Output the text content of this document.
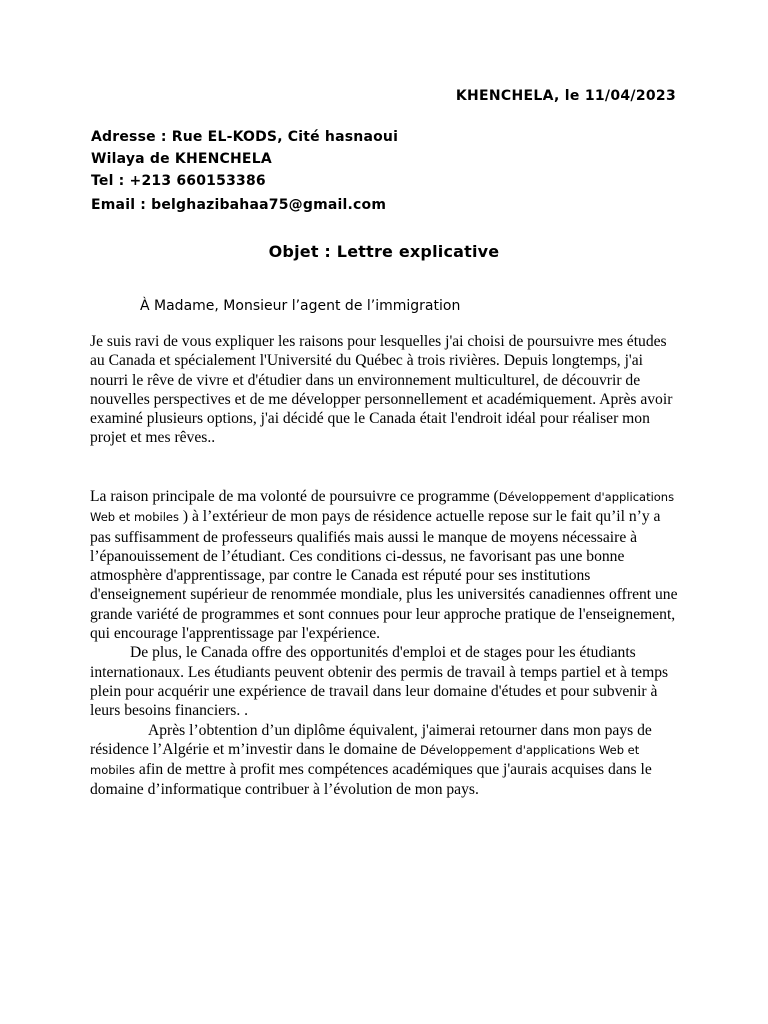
KHENCHELA, le 11/04/2023
Adresse : Rue EL-KODS, Cité hasnaoui
Wilaya de KHENCHELA
Tel : +213 660153386
Email : belghazibahaa75@gmail.com
Objet : Lettre explicative
À Madame, Monsieur l’agent de l’immigration

Je suis ravi de vous expliquer les raisons pour lesquelles j'ai choisi de poursuivre mes études au Canada et spécialement l'Université du Québec à trois rivières. Depuis longtemps, j'ai nourri le rêve de vivre et d'étudier dans un environnement multiculturel, de découvrir de nouvelles perspectives et de me développer personnellement et académiquement. Après avoir examiné plusieurs options, j'ai décidé que le Canada était l'endroit idéal pour réaliser mon projet et mes rêves..

La raison principale de ma volonté de poursuivre ce programme (Développement d'applications Web et mobiles ) à l’extérieur de mon pays de résidence actuelle repose sur le fait qu’il n’y a pas suffisamment de professeurs qualifiés mais aussi le manque de moyens nécessaire à l’épanouissement de l’étudiant. Ces conditions ci-dessus, ne favorisant pas une bonne atmosphère d'apprentissage, par contre le Canada est réputé pour ses institutions d'enseignement supérieur de renommée mondiale, plus les universités canadiennes offrent une grande variété de programmes et sont connues pour leur approche pratique de l'enseignement, qui encourage l'apprentissage par l'expérience.

De plus, le Canada offre des opportunités d'emploi et de stages pour les étudiants internationaux. Les étudiants peuvent obtenir des permis de travail à temps partiel et à temps plein pour acquérir une expérience de travail dans leur domaine d'études et pour subvenir à leurs besoins financiers. .

Après l’obtention d’un diplôme équivalent, j'aimerai retourner dans mon pays de résidence l’Algérie et m’investir dans le domaine de Développement d'applications Web et mobiles afin de mettre à profit mes compétences académiques que j'aurais acquises dans le domaine d’informatique contribuer à l’évolution de mon pays.
